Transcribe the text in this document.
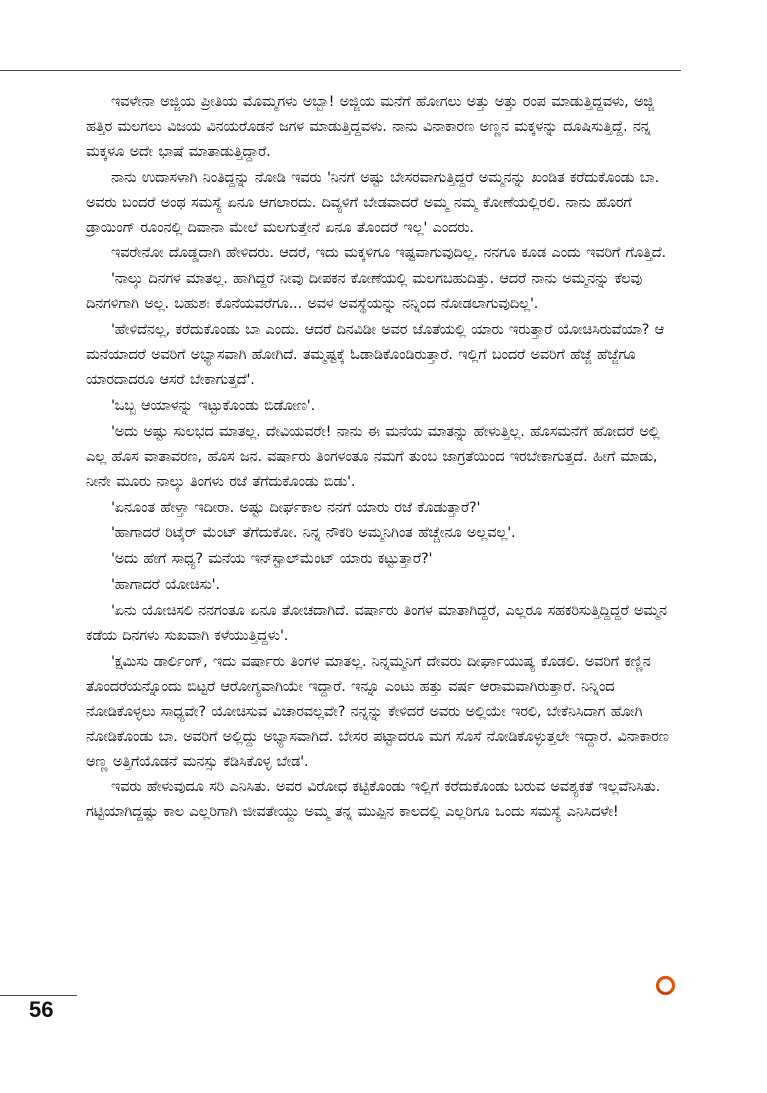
ಇವಳೇನಾ ಅಜ್ಜಿಯ ಪ್ರೀತಿಯ ಮೊಮ್ಮಗಳು ಅಬ್ಬಾ! ಅಜ್ಜಿಯ ಮನೆಗೆ ಹೋಗಲು ಅತ್ತು ಅತ್ತು ರಂಪ ಮಾಡುತ್ತಿದ್ದವಳು, ಅಜ್ಜಿ ಹತ್ತಿರ ಮಲಗಲು ವಿಜಯ ವಿನಯರೊಡನೆ ಜಗಳ ಮಾಡುತ್ತಿದ್ದವಳು. ನಾನು ವಿನಾಕಾರಣ ಅಣ್ಣನ ಮಕ್ಕಳನ್ನು ದೂಷಿಸುತ್ತಿದ್ದೆ. ನನ್ನ ಮಕ್ಕಳೂ ಅದೇ ಭಾಷೆ ಮಾತಾಡುತ್ತಿದ್ದಾರೆ.

ನಾನು ಉದಾಸಳಾಗಿ ನಿಂತಿದ್ದನ್ನು ನೋಡಿ ಇವರು 'ನಿನಗೆ ಅಷ್ಟು ಬೇಸರವಾಗುತ್ತಿದ್ದರೆ ಅಮ್ಮನನ್ನು ಖಂಡಿತ ಕರೆದುಕೊಂಡು ಬಾ. ಅವರು ಬಂದರೆ ಅಂಥ ಸಮಸ್ಯೆ ಏನೂ ಆಗಲಾರದು. ದಿವ್ಯಳಿಗೆ ಬೇಡವಾದರೆ ಅಮ್ಮ ನಮ್ಮ ಕೋಣೆಯಲ್ಲಿರಲಿ. ನಾನು ಹೊರಗೆ ಡ್ರಾಯಿಂಗ್ ರೂಂನಲ್ಲಿ ದಿವಾನಾ ಮೇಲೆ ಮಲಗುತ್ತೇನೆ ಏನೂ ತೊಂದರೆ ಇಲ್ಲ' ಎಂದರು.

ಇವರೇನೋ ದೊಡ್ಡದಾಗಿ ಹೇಳಿದರು. ಆದರೆ, ಇದು ಮಕ್ಕಳಿಗೂ ಇಷ್ಟವಾಗುವುದಿಲ್ಲ. ನನಗೂ ಕೂಡ ಎಂದು ಇವರಿಗೆ ಗೊತ್ತಿದೆ.

'ನಾಲ್ಕು ದಿನಗಳ ಮಾತಲ್ಲ. ಹಾಗಿದ್ದರೆ ನೀವು ದೀಪಕನ ಕೋಣೆಯಲ್ಲಿ ಮಲಗಬಹುದಿತ್ತು. ಆದರೆ ನಾನು ಅಮ್ಮನನ್ನು ಕೆಲವು ದಿನಗಳಿಗಾಗಿ ಅಲ್ಲ. ಬಹುಶಃ ಕೊನೆಯವರೆಗೂ... ಅವಳ ಅವಸ್ಥೆಯನ್ನು ನನ್ನಿಂದ ನೋಡಲಾಗುವುದಿಲ್ಲ'.

'ಹೇಳಿದೆನಲ್ಲ, ಕರೆದುಕೊಂಡು ಬಾ ಎಂದು. ಆದರೆ ದಿನವಿಡೀ ಅವರ ಜೊತೆಯಲ್ಲಿ ಯಾರು ಇರುತ್ತಾರೆ ಯೋಚಿಸಿರುವೆಯಾ? ಆ ಮನೆಯಾದರೆ ಅವರಿಗೆ ಅಭ್ಯಾಸವಾಗಿ ಹೋಗಿದೆ. ತಮ್ಮಷ್ಟಕ್ಕೆ ಓಡಾಡಿಕೊಂಡಿರುತ್ತಾರೆ. ಇಲ್ಲಿಗೆ ಬಂದರೆ ಅವರಿಗೆ ಹೆಜ್ಜೆ ಹೆಜ್ಜೆಗೂ ಯಾರದಾದರೂ ಆಸರೆ ಬೇಕಾಗುತ್ತದೆ'.

'ಒಬ್ಬ ಆಯಾಳನ್ನು ಇಟ್ಟುಕೊಂಡು ಬಿಡೋಣ'.

'ಅದು ಅಷ್ಟು ಸುಲಭದ ಮಾತಲ್ಲ. ದೇವಿಯವರೇ! ನಾನು ಈ ಮನೆಯ ಮಾತನ್ನು ಹೇಳುತ್ತಿಲ್ಲ. ಹೊಸಮನೆಗೆ ಹೋದರೆ ಅಲ್ಲಿ ಎಲ್ಲ ಹೊಸ ವಾತಾವರಣ, ಹೊಸ ಜನ. ವರ್ಷಾರು ತಿಂಗಳಂತೂ ನಮಗೆ ತುಂಬ ಜಾಗ್ರತೆಯಿಂದ ಇರಬೇಕಾಗುತ್ತದೆ. ಹೀಗೆ ಮಾಡು, ನೀನೇ ಮೂರು ನಾಲ್ಕು ತಿಂಗಳು ರಜೆ ತೆಗೆದುಕೊಂಡು ಬಿಡು'.

'ಏನೂಂತ ಹೇಳ್ತಾ ಇದೀರಾ. ಅಷ್ಟು ದೀರ್ಘಕಾಲ ನನಗೆ ಯಾರು ರಜೆ ಕೊಡುತ್ತಾರೆ?'

'ಹಾಗಾದರೆ ರಿಟೈರ್ ಮೆಂಟ್ ತೆಗೆದುಕೋ. ನಿನ್ನ ನೌಕರಿ ಅಮ್ಮನಿಗಿಂತ ಹೆಚ್ಚೇನೂ ಅಲ್ಲವಲ್ಲ'.

'ಅದು ಹೇಗೆ ಸಾಧ್ಯ? ಮನೆಯ ಇನ್‌ಸ್ಟಾಲ್‌ಮೆಂಟ್ ಯಾರು ಕಟ್ಟುತ್ತಾರೆ?'

'ಹಾಗಾದರೆ ಯೋಚಿಸು'.

'ಏನು ಯೋಚಿಸಲಿ ನನಗಂತೂ ಏನೂ ತೋಚದಾಗಿದೆ. ವರ್ಷಾರು ತಿಂಗಳ ಮಾತಾಗಿದ್ದರೆ, ಎಲ್ಲರೂ ಸಹಕರಿಸುತ್ತಿದ್ದಿದ್ದರೆ ಅಮ್ಮನ ಕಡೆಯ ದಿನಗಳು ಸುಖವಾಗಿ ಕಳೆಯುತ್ತಿದ್ದಳು'.

'ಕ್ಷಮಿಸು ಡಾರ್ಲಿಂಗ್, ಇದು ವರ್ಷಾರು ತಿಂಗಳ ಮಾತಲ್ಲ. ನಿನ್ನಮ್ಮನಿಗೆ ದೇವರು ದೀರ್ಘಾಯುಷ್ಯ ಕೊಡಲಿ. ಅವರಿಗೆ ಕಣ್ಣಿನ ತೊಂದರೆಯನ್ನೊಂದು ಬಿಟ್ಟರೆ ಆರೋಗ್ಯವಾಗಿಯೇ ಇದ್ದಾರೆ. ಇನ್ನೂ ಎಂಟು ಹತ್ತು ವರ್ಷ ಆರಾಮವಾಗಿರುತ್ತಾರೆ. ನಿನ್ನಿಂದ ನೋಡಿಕೊಳ್ಳಲು ಸಾಧ್ಯವೇ? ಯೋಚಿಸುವ ವಿಚಾರವಲ್ಲವೇ? ನನ್ನನ್ನು ಕೇಳಿದರೆ ಅವರು ಅಲ್ಲಿಯೇ ಇರಲಿ, ಬೇಕೆನಿಸಿದಾಗ ಹೋಗಿ ನೋಡಿಕೊಂಡು ಬಾ. ಅವರಿಗೆ ಅಲ್ಲಿದ್ದು ಅಭ್ಯಾಸವಾಗಿದೆ. ಬೇಸರ ಪಟ್ಟಾದರೂ ಮಗ ಸೊಸೆ ನೋಡಿಕೊಳ್ಳುತ್ತಲೇ ಇದ್ದಾರೆ. ವಿನಾಕಾರಣ ಅಣ್ಣ ಅತ್ತಿಗೆಯೊಡನೆ ಮನಸ್ಸು ಕೆಡಿಸಿಕೊಳ್ಳ ಬೇಡ'.

ಇವರು ಹೇಳುವುದೂ ಸರಿ ಎನಿಸಿತು. ಅವರ ವಿರೋಧ ಕಟ್ಟಿಕೊಂಡು ಇಲ್ಲಿಗೆ ಕರೆದುಕೊಂಡು ಬರುವ ಅವಶ್ಯಕತೆ ಇಲ್ಲವೆನಿಸಿತು. ಗಟ್ಟಿಯಾಗಿದ್ದಷ್ಟು ಕಾಲ ಎಲ್ಲರಿಗಾಗಿ ಜೀವತೇಯ್ದು ಅಮ್ಮ ತನ್ನ ಮುಪ್ಪಿನ ಕಾಲದಲ್ಲಿ ಎಲ್ಲರಿಗೂ ಒಂದು ಸಮಸ್ಯೆ ಎನಿಸಿದಳೇ!

56
